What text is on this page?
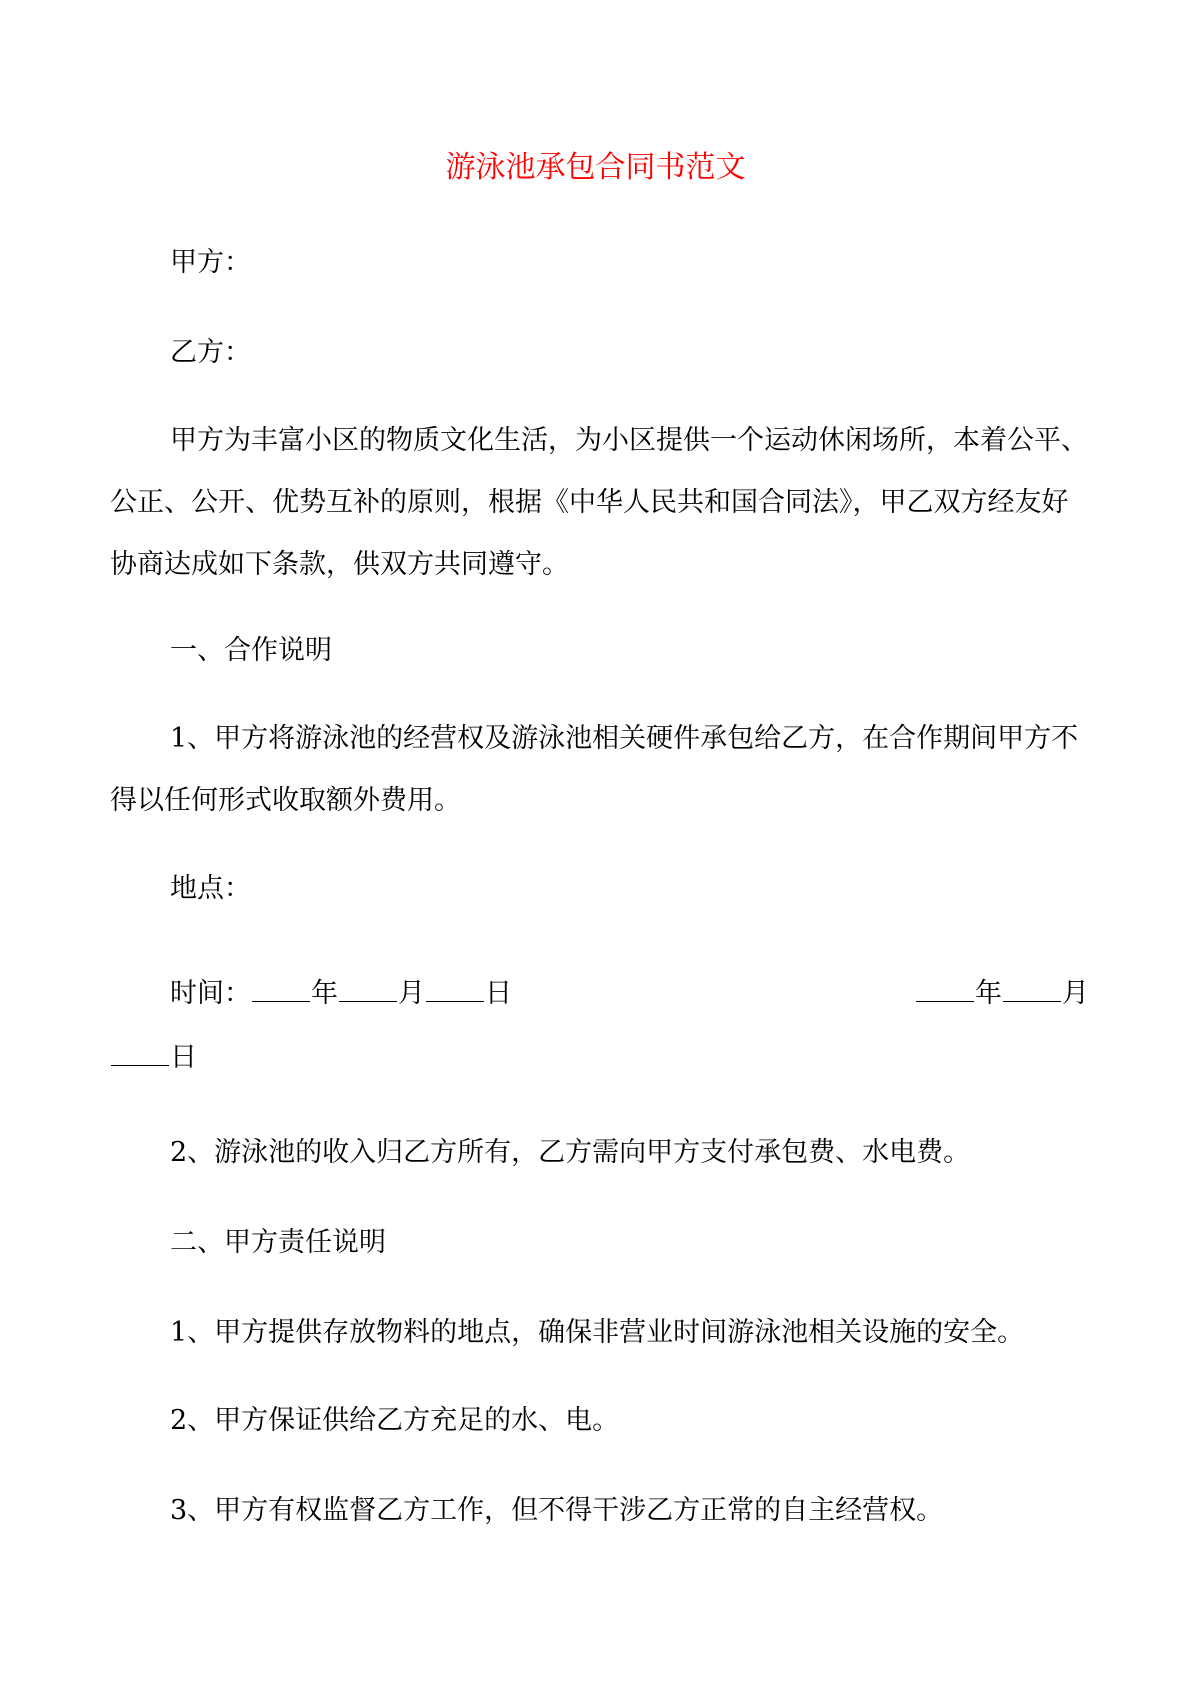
游泳池承包合同书范文

甲方：

乙方：

甲方为丰富小区的物质文化生活，为小区提供一个运动休闲场所，本着公平、公正、公开、优势互补的原则，根据《中华人民共和国合同法》，甲乙双方经友好协商达成如下条款，供双方共同遵守。

一、合作说明

1、甲方将游泳池的经营权及游泳池相关硬件承包给乙方，在合作期间甲方不得以任何形式收取额外费用。

地点：

时间： 年 月 日	年 月
日

2、游泳池的收入归乙方所有，乙方需向甲方支付承包费、水电费。

二、甲方责任说明

1、甲方提供存放物料的地点，确保非营业时间游泳池相关设施的安全。

2、甲方保证供给乙方充足的水、电。

3、甲方有权监督乙方工作，但不得干涉乙方正常的自主经营权。
